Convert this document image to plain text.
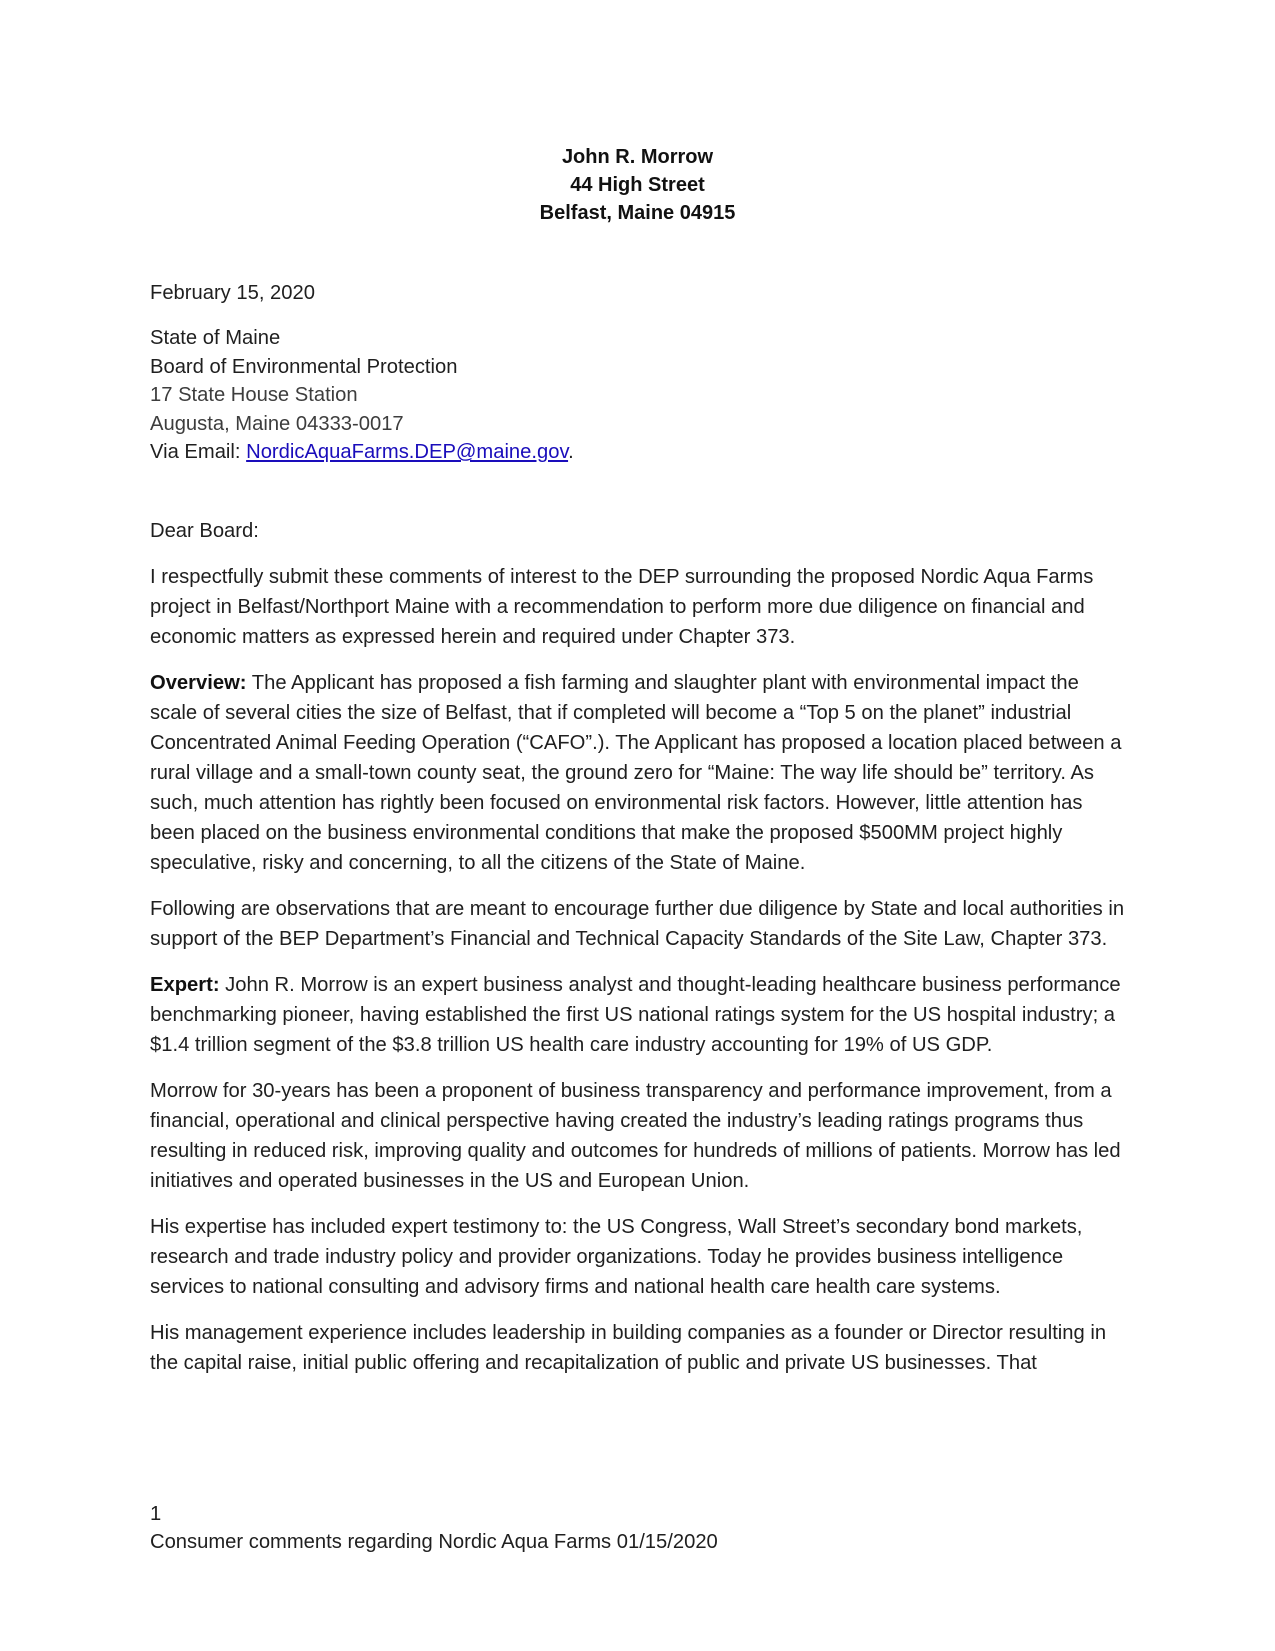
John R. Morrow
44 High Street
Belfast, Maine 04915
February 15, 2020
State of Maine
Board of Environmental Protection
17 State House Station
Augusta, Maine 04333-0017
Via Email: NordicAquaFarms.DEP@maine.gov.
Dear Board:

I respectfully submit these comments of interest to the DEP surrounding the proposed Nordic Aqua Farms project in Belfast/Northport Maine with a recommendation to perform more due diligence on financial and economic matters as expressed herein and required under Chapter 373.

Overview: The Applicant has proposed a fish farming and slaughter plant with environmental impact the scale of several cities the size of Belfast, that if completed will become a “Top 5 on the planet” industrial Concentrated Animal Feeding Operation (“CAFO”.). The Applicant has proposed a location placed between a rural village and a small-town county seat, the ground zero for “Maine: The way life should be” territory. As such, much attention has rightly been focused on environmental risk factors. However, little attention has been placed on the business environmental conditions that make the proposed $500MM project highly speculative, risky and concerning, to all the citizens of the State of Maine.

Following are observations that are meant to encourage further due diligence by State and local authorities in support of the BEP Department’s Financial and Technical Capacity Standards of the Site Law, Chapter 373.

Expert: John R. Morrow is an expert business analyst and thought-leading healthcare business performance benchmarking pioneer, having established the first US national ratings system for the US hospital industry; a $1.4 trillion segment of the $3.8 trillion US health care industry accounting for 19% of US GDP.

Morrow for 30-years has been a proponent of business transparency and performance improvement, from a financial, operational and clinical perspective having created the industry’s leading ratings programs thus resulting in reduced risk, improving quality and outcomes for hundreds of millions of patients. Morrow has led initiatives and operated businesses in the US and European Union.

His expertise has included expert testimony to: the US Congress, Wall Street’s secondary bond markets, research and trade industry policy and provider organizations. Today he provides business intelligence services to national consulting and advisory firms and national health care health care systems.

His management experience includes leadership in building companies as a founder or Director resulting in the capital raise, initial public offering and recapitalization of public and private US businesses. That

1
Consumer comments regarding Nordic Aqua Farms 01/15/2020
